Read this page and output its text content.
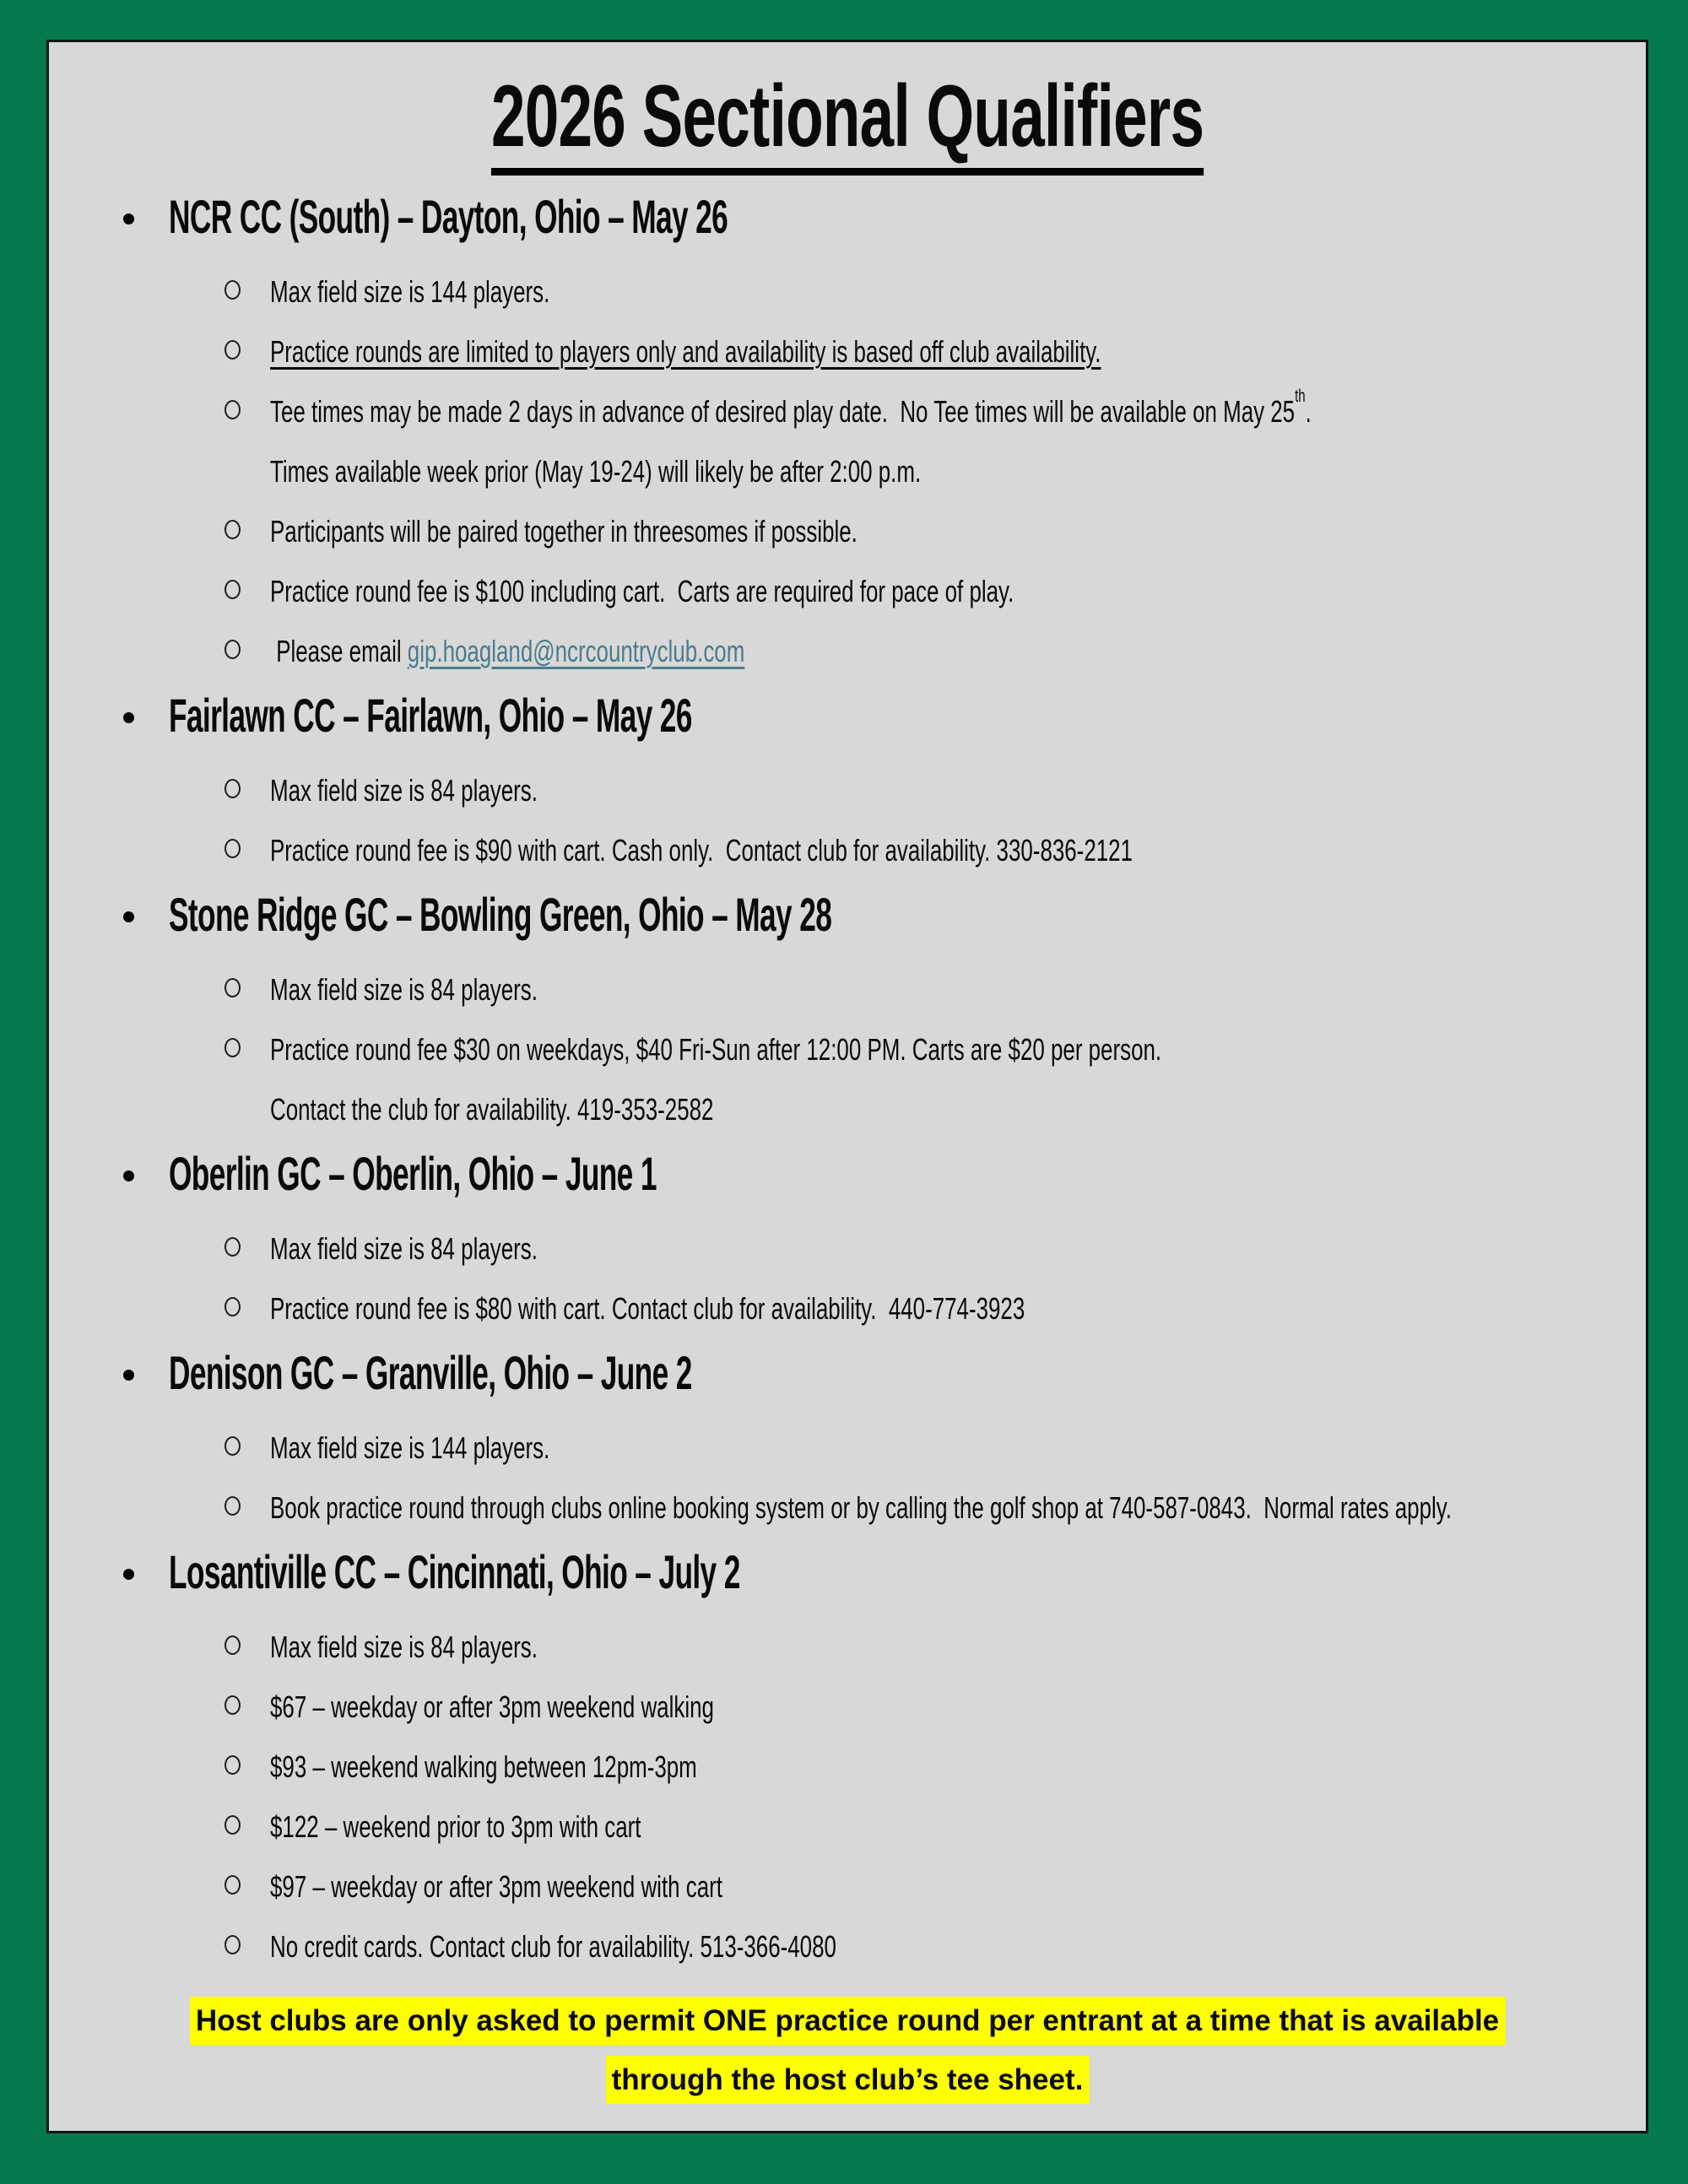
2026 Sectional Qualifiers
NCR CC (South) – Dayton, Ohio – May 26
Max field size is 144 players.
Practice rounds are limited to players only and availability is based off club availability.
Tee times may be made 2 days in advance of desired play date.  No Tee times will be available on May 25th.
Times available week prior (May 19-24) will likely be after 2:00 p.m.
Participants will be paired together in threesomes if possible.
Practice round fee is $100 including cart.  Carts are required for pace of play.
Please email gip.hoagland@ncrcountryclub.com
Fairlawn CC – Fairlawn, Ohio – May 26
Max field size is 84 players.
Practice round fee is $90 with cart. Cash only.  Contact club for availability. 330-836-2121
Stone Ridge GC – Bowling Green, Ohio – May 28
Max field size is 84 players.
Practice round fee $30 on weekdays, $40 Fri-Sun after 12:00 PM. Carts are $20 per person.
Contact the club for availability. 419-353-2582
Oberlin GC – Oberlin, Ohio – June 1
Max field size is 84 players.
Practice round fee is $80 with cart. Contact club for availability.  440-774-3923
Denison GC – Granville, Ohio – June 2
Max field size is 144 players.
Book practice round through clubs online booking system or by calling the golf shop at 740-587-0843.  Normal rates apply.
Losantiville CC – Cincinnati, Ohio – July 2
Max field size is 84 players.
$67 – weekday or after 3pm weekend walking
$93 – weekend walking between 12pm-3pm
$122 – weekend prior to 3pm with cart
$97 – weekday or after 3pm weekend with cart
No credit cards. Contact club for availability. 513-366-4080
Host clubs are only asked to permit ONE practice round per entrant at a time that is available
through the host club’s tee sheet.
